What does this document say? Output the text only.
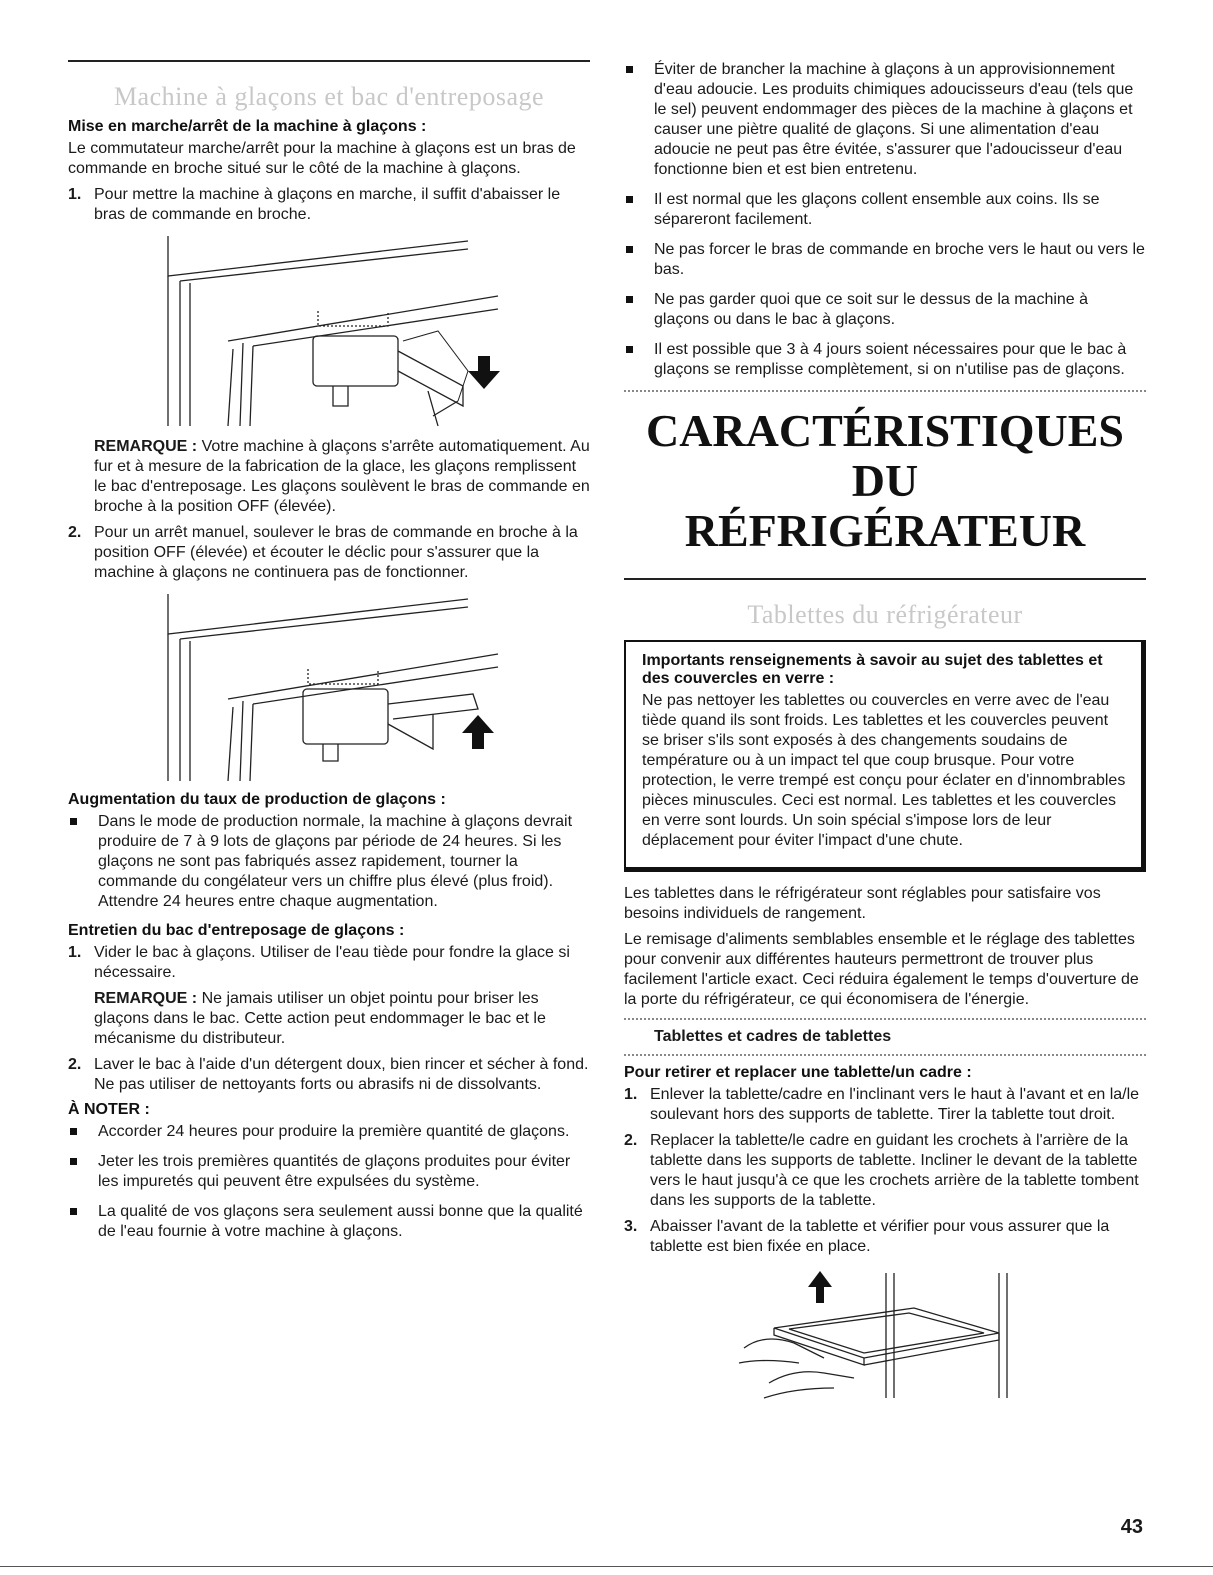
Machine à glaçons et bac d'entreposage
Mise en marche/arrêt de la machine à glaçons :

Le commutateur marche/arrêt pour la machine à glaçons est un bras de commande en broche situé sur le côté de la machine à glaçons.

1. Pour mettre la machine à glaçons en marche, il suffit d'abaisser le bras de commande en broche.
REMARQUE : Votre machine à glaçons s'arrête automatiquement. Au fur et à mesure de la fabrication de la glace, les glaçons remplissent le bac d'entreposage. Les glaçons soulèvent le bras de commande en broche à la position OFF (élevée).
2. Pour un arrêt manuel, soulever le bras de commande en broche à la position OFF (élevée) et écouter le déclic pour s'assurer que la machine à glaçons ne continuera pas de fonctionner.
Augmentation du taux de production de glaçons :
Dans le mode de production normale, la machine à glaçons devrait produire de 7 à 9 lots de glaçons par période de 24 heures. Si les glaçons ne sont pas fabriqués assez rapidement, tourner la commande du congélateur vers un chiffre plus élevé (plus froid). Attendre 24 heures entre chaque augmentation.
Entretien du bac d'entreposage de glaçons :
1. Vider le bac à glaçons. Utiliser de l'eau tiède pour fondre la glace si nécessaire.
REMARQUE : Ne jamais utiliser un objet pointu pour briser les glaçons dans le bac. Cette action peut endommager le bac et le mécanisme du distributeur.
2. Laver le bac à l'aide d'un détergent doux, bien rincer et sécher à fond. Ne pas utiliser de nettoyants forts ou abrasifs ni de dissolvants.
À NOTER :
Accorder 24 heures pour produire la première quantité de glaçons.
Jeter les trois premières quantités de glaçons produites pour éviter les impuretés qui peuvent être expulsées du système.
La qualité de vos glaçons sera seulement aussi bonne que la qualité de l'eau fournie à votre machine à glaçons.
Éviter de brancher la machine à glaçons à un approvisionnement d'eau adoucie. Les produits chimiques adoucisseurs d'eau (tels que le sel) peuvent endommager des pièces de la machine à glaçons et causer une piètre qualité de glaçons. Si une alimentation d'eau adoucie ne peut pas être évitée, s'assurer que l'adoucisseur d'eau fonctionne bien et est bien entretenu.
Il est normal que les glaçons collent ensemble aux coins. Ils se sépareront facilement.
Ne pas forcer le bras de commande en broche vers le haut ou vers le bas.
Ne pas garder quoi que ce soit sur le dessus de la machine à glaçons ou dans le bac à glaçons.
Il est possible que 3 à 4 jours soient nécessaires pour que le bac à glaçons se remplisse complètement, si on n'utilise pas de glaçons.
CARACTÉRISTIQUES DU
RÉFRIGÉRATEUR
Tablettes du réfrigérateur
Importants renseignements à savoir au sujet des tablettes et des couvercles en verre :

Ne pas nettoyer les tablettes ou couvercles en verre avec de l'eau tiède quand ils sont froids. Les tablettes et les couvercles peuvent se briser s'ils sont exposés à des changements soudains de température ou à un impact tel que coup brusque. Pour votre protection, le verre trempé est conçu pour éclater en d'innombrables pièces minuscules. Ceci est normal. Les tablettes et les couvercles en verre sont lourds. Un soin spécial s'impose lors de leur déplacement pour éviter l'impact d'une chute.

Les tablettes dans le réfrigérateur sont réglables pour satisfaire vos besoins individuels de rangement.

Le remisage d'aliments semblables ensemble et le réglage des tablettes pour convenir aux différentes hauteurs permettront de trouver plus facilement l'article exact. Ceci réduira également le temps d'ouverture de la porte du réfrigérateur, ce qui économisera de l'énergie.

Tablettes et cadres de tablettes
Pour retirer et replacer une tablette/un cadre :
1. Enlever la tablette/cadre en l'inclinant vers le haut à l'avant et en la/le soulevant hors des supports de tablette. Tirer la tablette tout droit.
2. Replacer la tablette/le cadre en guidant les crochets à l'arrière de la tablette dans les supports de tablette. Incliner le devant de la tablette vers le haut jusqu'à ce que les crochets arrière de la tablette tombent dans les supports de la tablette.
3. Abaisser l'avant de la tablette et vérifier pour vous assurer que la tablette est bien fixée en place.
43
